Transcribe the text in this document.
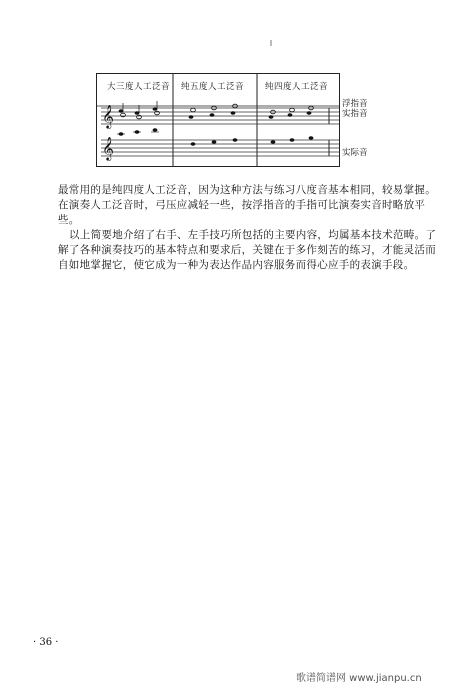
𝄞
𝄞
大三度人工泛音 纯五度人工泛音 纯四度人工泛音
浮指音
实指音
实际音

最常用的是纯四度人工泛音，因为这种方法与练习八度音基本相同，较易掌握。在演奏人工泛音时，弓压应减轻一些，按浮指音的手指可比演奏实音时略放平些。

以上简要地介绍了右手、左手技巧所包括的主要内容，均属基本技术范畴。了解了各种演奏技巧的基本特点和要求后，关键在于多作刻苦的练习，才能灵活而自如地掌握它，使它成为一种为表达作品内容服务而得心应手的表演手段。

· 36 ·
歌谱简谱网 www.jianpu.cn
